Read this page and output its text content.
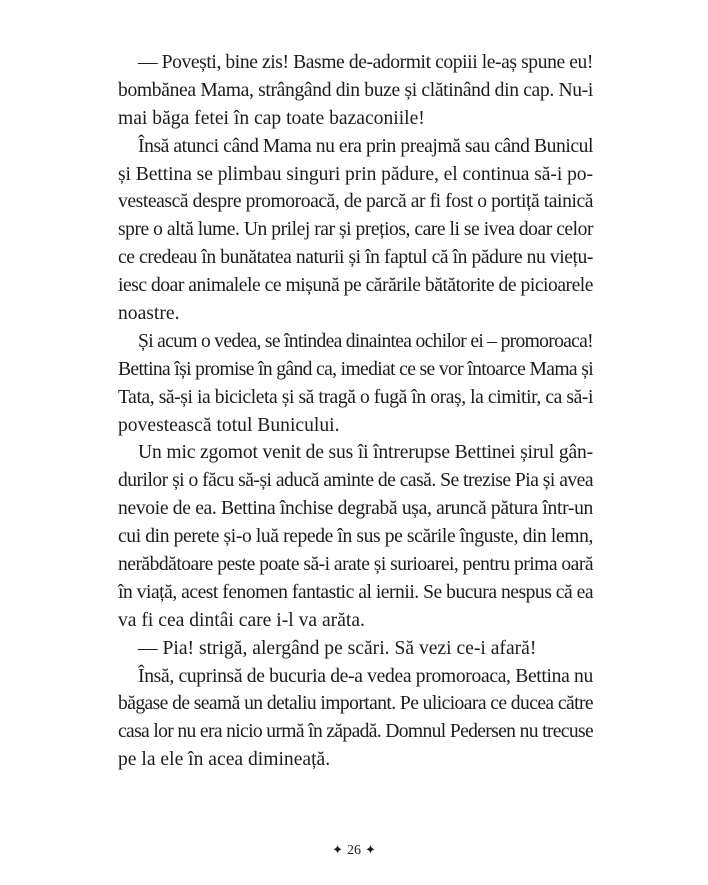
— Povești, bine zis! Basme de-adormit copiii le-aș spune eu!
bombănea Mama, strângând din buze și clătinând din cap. Nu-i
mai băga fetei în cap toate bazaconiile!

Însă atunci când Mama nu era prin preajmă sau când Bunicul
și Bettina se plimbau singuri prin pădure, el continua să-i po-
vestească despre promoroacă, de parcă ar fi fost o portiță tainică
spre o altă lume. Un prilej rar și prețios, care li se ivea doar celor
ce credeau în bunătatea naturii și în faptul că în pădure nu viețu-
iesc doar animalele ce mișună pe cărările bătătorite de picioarele
noastre.

Și acum o vedea, se întindea dinaintea ochilor ei – promoroaca!
Bettina își promise în gând ca, imediat ce se vor întoarce Mama și
Tata, să-și ia bicicleta și să tragă o fugă în oraș, la cimitir, ca să-i
povestească totul Bunicului.

Un mic zgomot venit de sus îi întrerupse Bettinei șirul gân-
durilor și o făcu să-și aducă aminte de casă. Se trezise Pia și avea
nevoie de ea. Bettina închise degrabă ușa, aruncă pătura într-un
cui din perete și-o luă repede în sus pe scările înguste, din lemn,
nerăbdătoare peste poate să-i arate și surioarei, pentru prima oară
în viață, acest fenomen fantastic al iernii. Se bucura nespus că ea
va fi cea dintâi care i-l va arăta.

— Pia! strigă, alergând pe scări. Să vezi ce-i afară!

Însă, cuprinsă de bucuria de-a vedea promoroaca, Bettina nu
băgase de seamă un detaliu important. Pe ulicioara ce ducea către
casa lor nu era nicio urmă în zăpadă. Domnul Pedersen nu trecuse
pe la ele în acea dimineață.

✦ 26 ✦
